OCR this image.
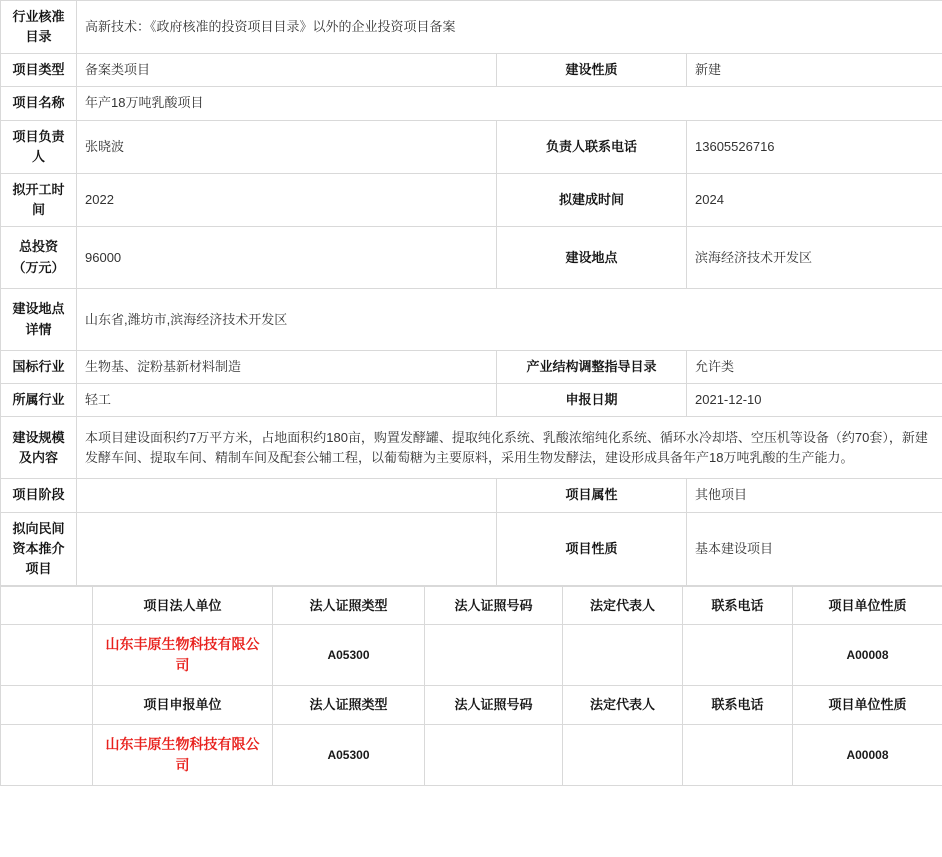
行业核准目录	高新技术：《政府核准的投资项目目录》以外的企业投资项目备案		
项目类型	备案类项目	建设性质	新建
项目名称	年产18万吨乳酸项目		
项目负责人	张晓波	负责人联系电话	13605526716
拟开工时间	2022	拟建成时间	2024
总投资（万元）	96000	建设地点	滨海经济技术开发区
建设地点详情	山东省,潍坊市,滨海经济技术开发区		
国标行业	生物基、淀粉基新材料制造	产业结构调整指导目录	允许类
所属行业	轻工	申报日期	2021-12-10
建设规模及内容	本项目建设面积约7万平方米，占地面积约180亩，购置发酵罐、提取纯化系统、乳酸浓缩纯化系统、循环水冷却塔、空压机等设备（约70套），新建发酵车间、提取车间、精制车间及配套公辅工程，以葡萄糖为主要原料，采用生物发酵法，建设形成具备年产18万吨乳酸的生产能力。		
项目阶段		项目属性	其他项目
拟向民间资本推介项目		项目性质	基本建设项目
	项目法人单位	法人证照类型	法人证照号码	法定代表人	联系电话	项目单位性质
	山东丰原生物科技有限公司	A05300				A00008
	项目申报单位	法人证照类型	法人证照号码	法定代表人	联系电话	项目单位性质
	山东丰原生物科技有限公司	A05300				A00008
